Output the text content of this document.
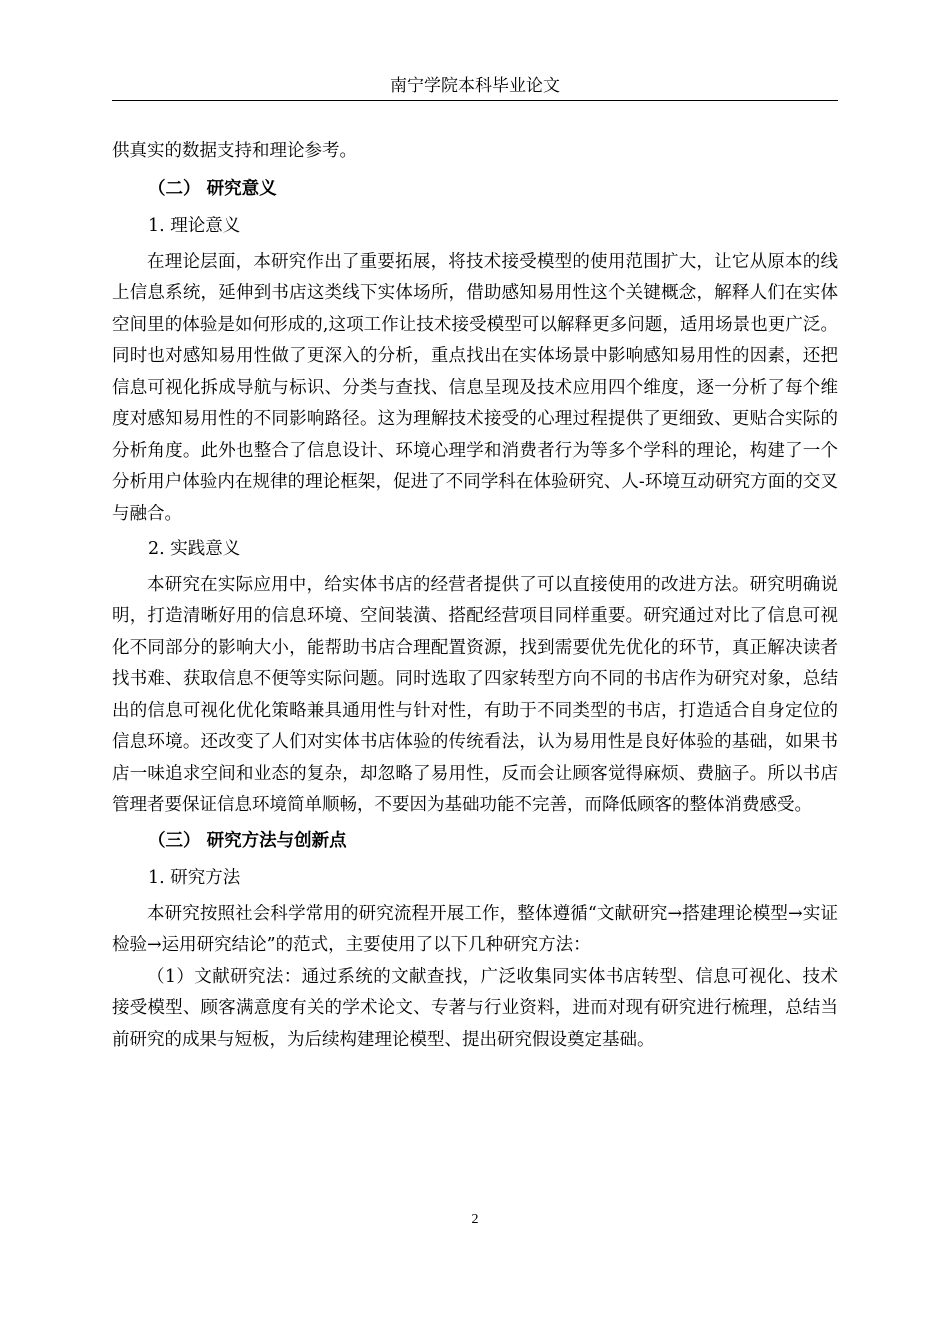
南宁学院本科毕业论文

供真实的数据支持和理论参考。

（二） 研究意义

1. 理论意义

在理论层面，本研究作出了重要拓展，将技术接受模型的使用范围扩大，让它从原本的线上信息系统，延伸到书店这类线下实体场所，借助感知易用性这个关键概念，解释人们在实体空间里的体验是如何形成的,这项工作让技术接受模型可以解释更多问题，适用场景也更广泛。同时也对感知易用性做了更深入的分析，重点找出在实体场景中影响感知易用性的因素，还把信息可视化拆成导航与标识、分类与查找、信息呈现及技术应用四个维度，逐一分析了每个维度对感知易用性的不同影响路径。这为理解技术接受的心理过程提供了更细致、更贴合实际的分析角度。此外也整合了信息设计、环境心理学和消费者行为等多个学科的理论，构建了一个分析用户体验内在规律的理论框架，促进了不同学科在体验研究、人-环境互动研究方面的交叉与融合。

2. 实践意义

本研究在实际应用中，给实体书店的经营者提供了可以直接使用的改进方法。研究明确说明，打造清晰好用的信息环境、空间装潢、搭配经营项目同样重要。研究通过对比了信息可视化不同部分的影响大小，能帮助书店合理配置资源，找到需要优先优化的环节，真正解决读者找书难、获取信息不便等实际问题。同时选取了四家转型方向不同的书店作为研究对象，总结出的信息可视化优化策略兼具通用性与针对性，有助于不同类型的书店，打造适合自身定位的信息环境。还改变了人们对实体书店体验的传统看法，认为易用性是良好体验的基础，如果书店一味追求空间和业态的复杂，却忽略了易用性，反而会让顾客觉得麻烦、费脑子。所以书店管理者要保证信息环境简单顺畅，不要因为基础功能不完善，而降低顾客的整体消费感受。

（三） 研究方法与创新点

1. 研究方法

本研究按照社会科学常用的研究流程开展工作，整体遵循“文献研究→搭建理论模型→实证检验→运用研究结论”的范式，主要使用了以下几种研究方法：

（1）文献研究法：通过系统的文献查找，广泛收集同实体书店转型、信息可视化、技术接受模型、顾客满意度有关的学术论文、专著与行业资料，进而对现有研究进行梳理，总结当前研究的成果与短板，为后续构建理论模型、提出研究假设奠定基础。

2
